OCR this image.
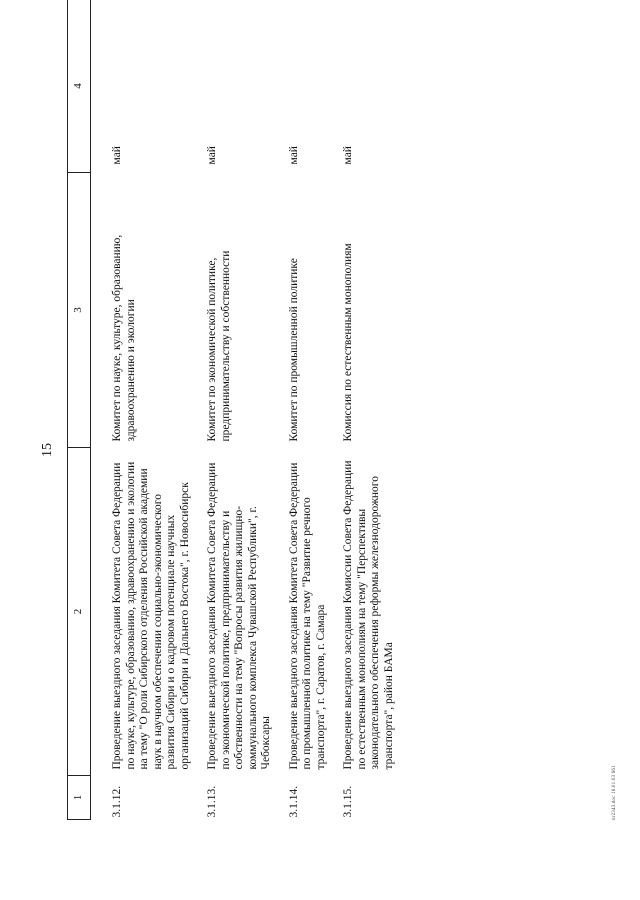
15
1	2	3	4
3.1.12.	Проведение выездного заседания Комитета Совета Федерации по науке, культуре, образованию, здравоохранению и экологии на тему "О роли Сибирского отделения Российской академии наук в научном обеспечении социально-экономического развития Сибири и о кадровом потенциале научных организаций Сибири и Дальнего Востока", г. Новосибирск	Комитет по науке, культуре, образованию, здравоохранению и экологии	май
3.1.13.	Проведение выездного заседания Комитета Совета Федерации по экономической политике, предпринимательству и собственности на тему "Вопросы развития жилищно-коммунального комплекса Чувашской Республики", г. Чебоксары	Комитет по экономической политике, предпринимательству и собственности	май
3.1.14.	Проведение выездного заседания Комитета Совета Федерации по промышленной политике на тему "Развитие речного транспорта", г. Саратов, г. Самара	Комитет по промышленной политике	май
3.1.15.	Проведение выездного заседания Комиссии Совета Федерации по естественным монополиям на тему "Перспективы законодательного обеспечения реформы железнодорожного транспорта", район БАМа	Комиссия по естественным монополиям	май
nr2343.doc 16.01.03 661
